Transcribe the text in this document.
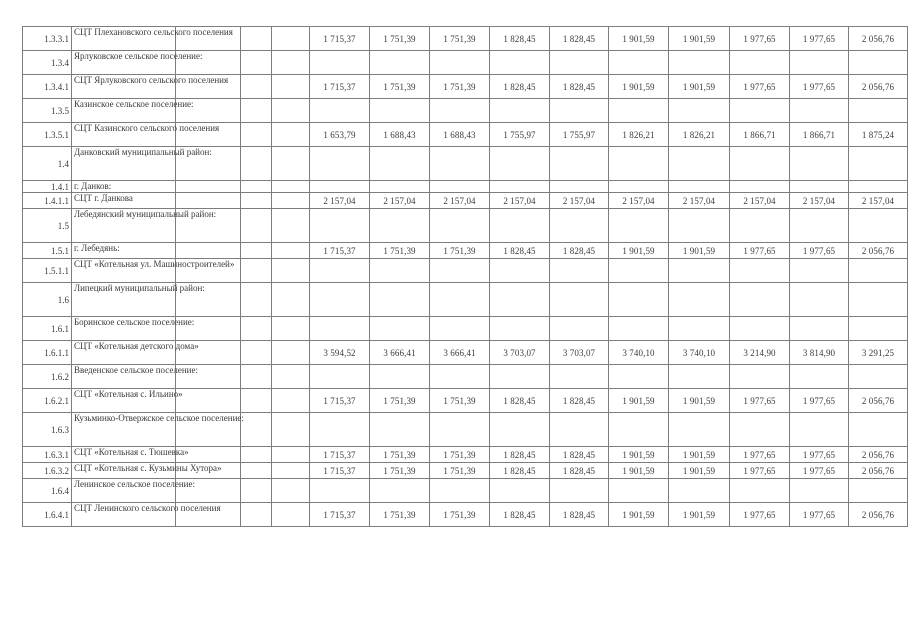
1.3.3.1	СЦТ Плехановского сельского поселения				1 715,37	1 751,39	1 751,39	1 828,45	1 828,45	1 901,59	1 901,59	1 977,65	1 977,65	2 056,76
1.3.4	Ярлуковское сельское поселение:													
1.3.4.1	СЦТ Ярлуковского сельского поселения				1 715,37	1 751,39	1 751,39	1 828,45	1 828,45	1 901,59	1 901,59	1 977,65	1 977,65	2 056,76
1.3.5	Казинское сельское поселение:													
1.3.5.1	СЦТ Казинского сельского поселения				1 653,79	1 688,43	1 688,43	1 755,97	1 755,97	1 826,21	1 826,21	1 866,71	1 866,71	1 875,24
1.4	Данковский муниципальный район:													
1.4.1	г. Данков:													
1.4.1.1	СЦТ г. Данкова				2 157,04	2 157,04	2 157,04	2 157,04	2 157,04	2 157,04	2 157,04	2 157,04	2 157,04	2 157,04
1.5	Лебедянский муниципальный район:													
1.5.1	г. Лебедянь:				1 715,37	1 751,39	1 751,39	1 828,45	1 828,45	1 901,59	1 901,59	1 977,65	1 977,65	2 056,76
1.5.1.1	СЦТ «Котельная ул. Машиностроителей»													
1.6	Липецкий муниципальный район:													
1.6.1	Боринское сельское поселение:													
1.6.1.1	СЦТ «Котельная детского дома»				3 594,52	3 666,41	3 666,41	3 703,07	3 703,07	3 740,10	3 740,10	3 214,90	3 814,90	3 291,25
1.6.2	Введенское сельское поселение:													
1.6.2.1	СЦТ «Котельная с. Ильино»				1 715,37	1 751,39	1 751,39	1 828,45	1 828,45	1 901,59	1 901,59	1 977,65	1 977,65	2 056,76
1.6.3	Кузьминко-Отвержское сельское поселение:													
1.6.3.1	СЦТ «Котельная с. Тюшевка»				1 715,37	1 751,39	1 751,39	1 828,45	1 828,45	1 901,59	1 901,59	1 977,65	1 977,65	2 056,76
1.6.3.2	СЦТ «Котельная с. Кузьмины Хутора»				1 715,37	1 751,39	1 751,39	1 828,45	1 828,45	1 901,59	1 901,59	1 977,65	1 977,65	2 056,76
1.6.4	Ленинское сельское поселение:													
1.6.4.1	СЦТ Ленинского сельского поселения				1 715,37	1 751,39	1 751,39	1 828,45	1 828,45	1 901,59	1 901,59	1 977,65	1 977,65	2 056,76
